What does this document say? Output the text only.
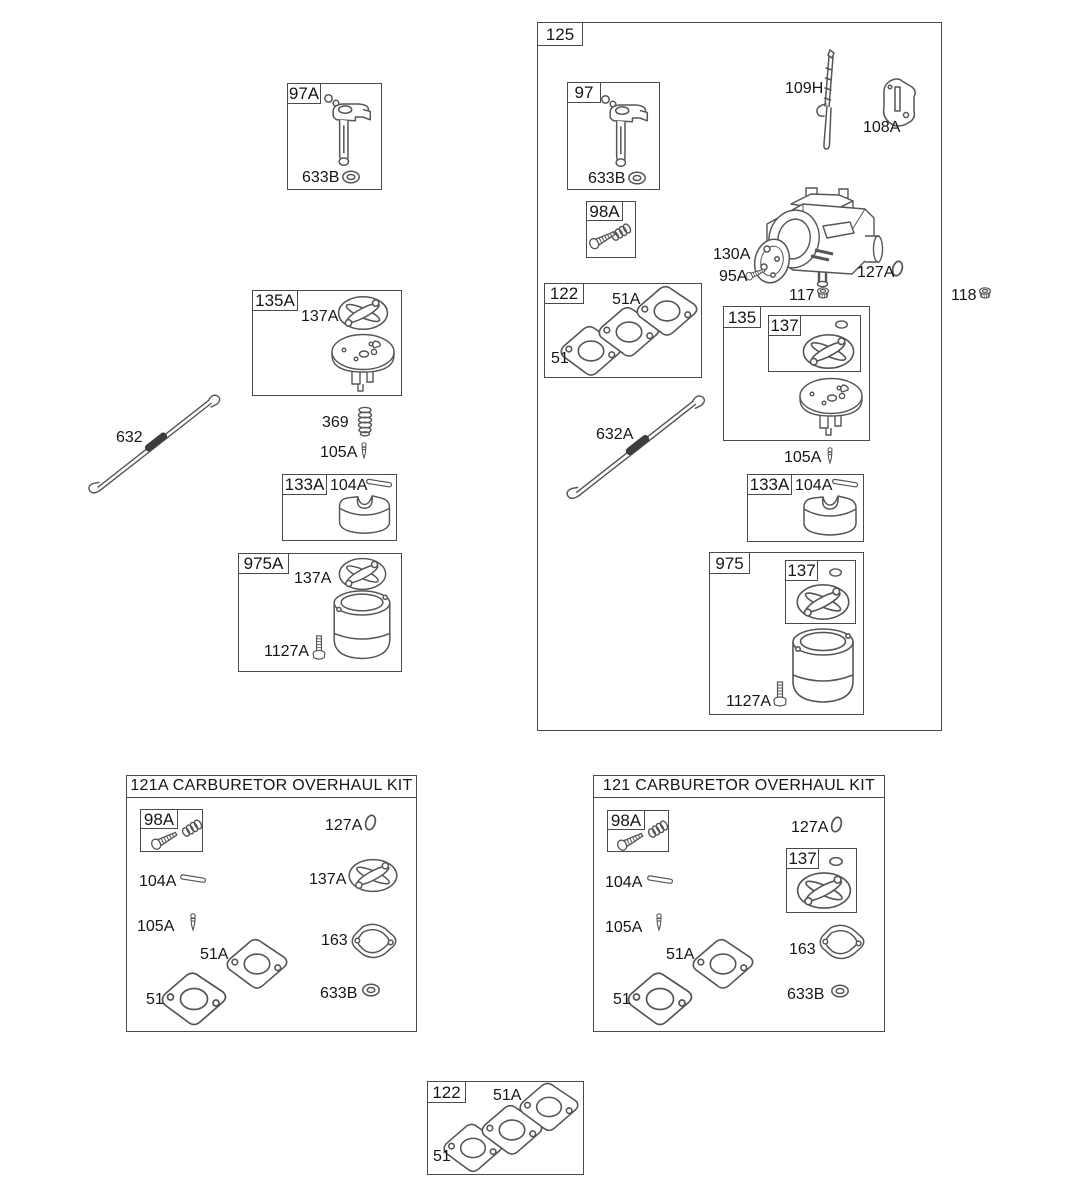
97A
633B
125
97
633B
109H
108A
98A
130A
95A	127A
117
122	51A
51
135 137
632A
105A
133A 104A
975	137
1127A
118
135A
137A
369
105A
632
133A 104A
975A
137A
1127A
121A CARBURETOR OVERHAUL KIT
98A	127A
104A	137A
105A
51A
163
51	633B
121 CARBURETOR OVERHAUL KIT
98A	127A
104A
137
105A
51A	163
51	633B
122	51A
51
